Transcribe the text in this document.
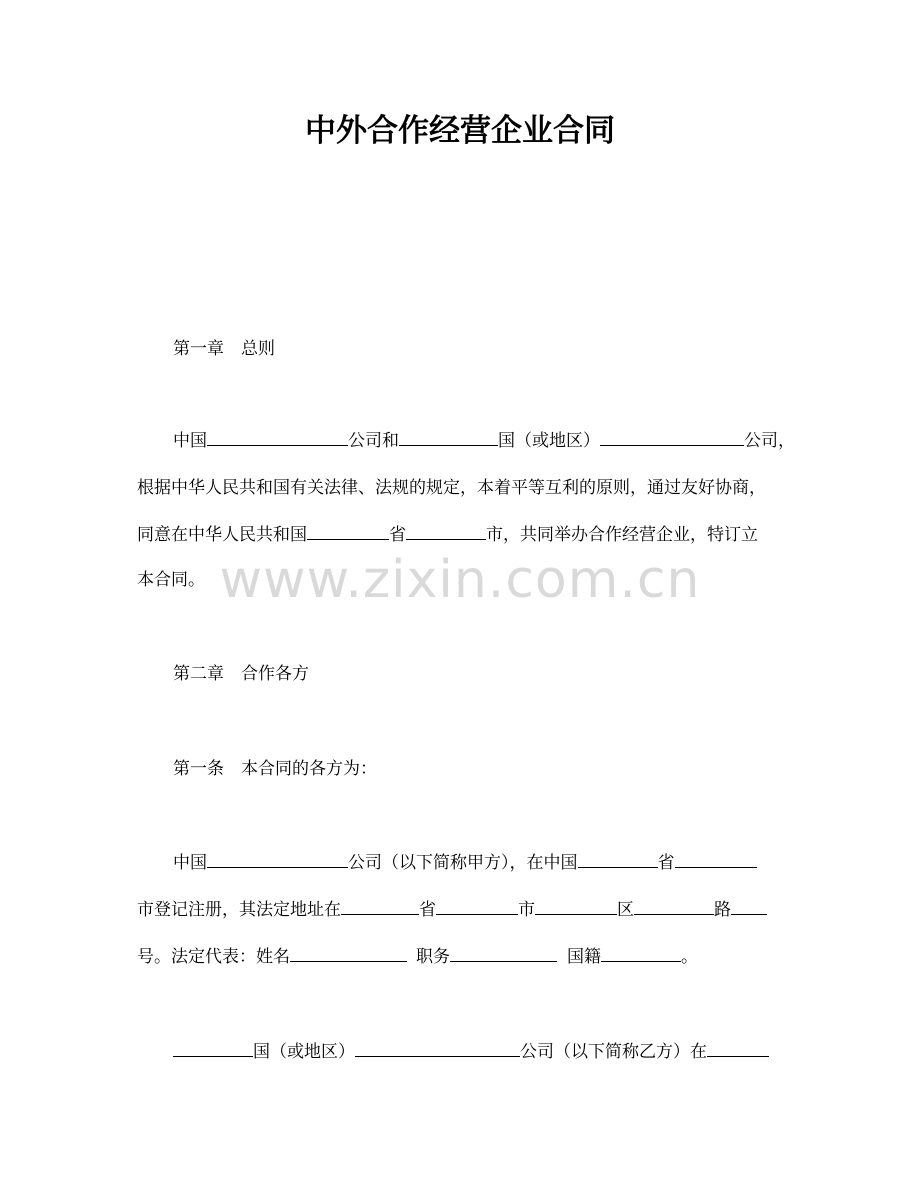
中外合作经营企业合同
www.zixin.com.cn

第一章　总则

中国	公司和	国（或地区）	公司，

根据中华人民共和国有关法律、法规的规定，本着平等互利的原则，通过友好协商，

同意在中华人民共和国	省	市，共同举办合作经营企业，特订立

本合同。

第二章　合作各方

第一条　本合同的各方为：

中国	公司（以下简称甲方），在中国	省

市登记注册，其法定地址在	省	市	区	路

号。法定代表：姓名	职务	国籍	。

国（或地区）	公司（以下简称乙方）在
